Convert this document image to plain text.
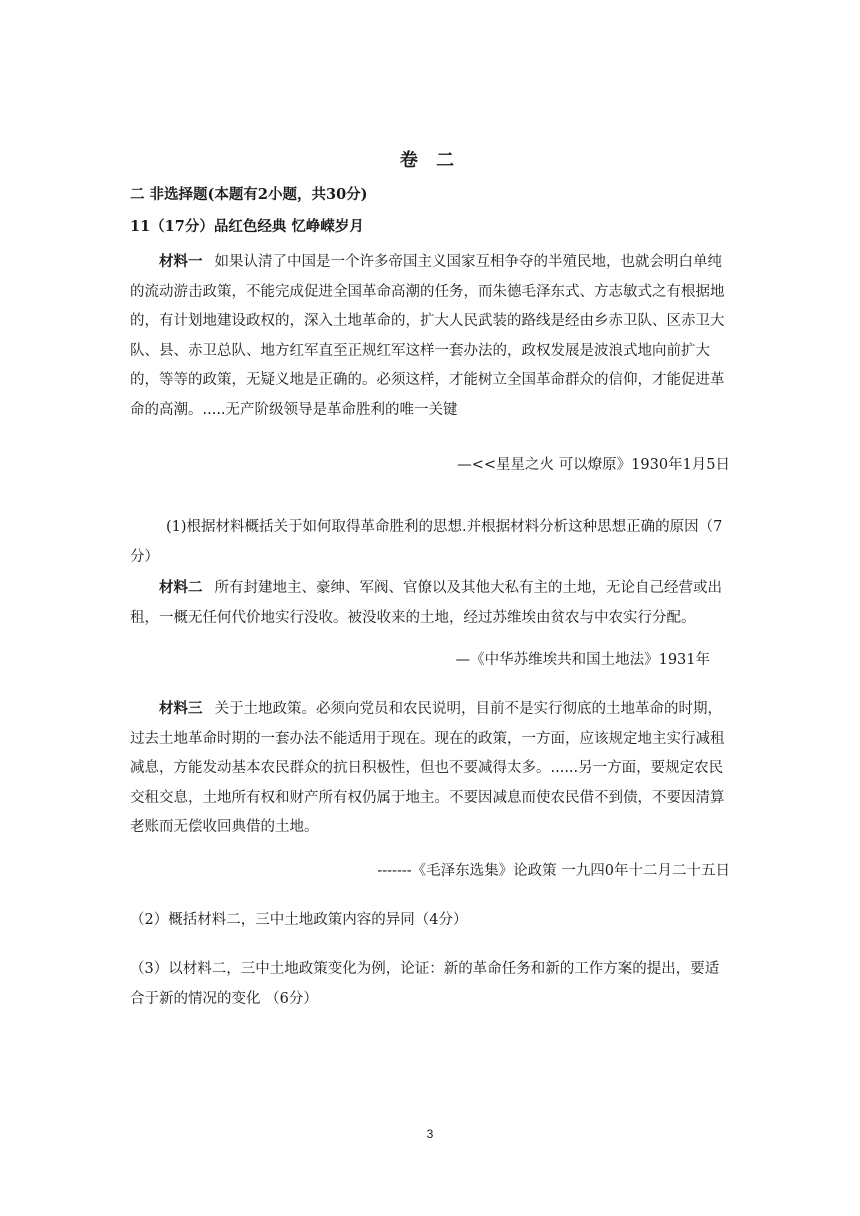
卷 二
二 非选择题(本题有2小题，共30分)
11（17分）品红色经典 忆峥嵘岁月
材料一 如果认清了中国是一个许多帝国主义国家互相争夺的半殖民地，也就会明白单纯的流动游击政策，不能完成促进全国革命高潮的任务，而朱德毛泽东式、方志敏式之有根据地的，有计划地建设政权的，深入土地革命的，扩大人民武装的路线是经由乡赤卫队、区赤卫大队、县、赤卫总队、地方红军直至正规红军这样一套办法的，政权发展是波浪式地向前扩大的，等等的政策，无疑义地是正确的。必须这样，才能树立全国革命群众的信仰，才能促进革命的高潮。.....无产阶级领导是革命胜利的唯一关键
—<<星星之火 可以燎原》1930年1月5日
(1)根据材料概括关于如何取得革命胜利的思想.并根据材料分析这种思想正确的原因（7分）
材料二 所有封建地主、豪绅、军阀、官僚以及其他大私有主的土地，无论自己经营或出租，一概无任何代价地实行没收。被没收来的土地，经过苏维埃由贫农与中农实行分配。
—《中华苏维埃共和国土地法》1931年
材料三 关于土地政策。必须向党员和农民说明，目前不是实行彻底的土地革命的时期，过去土地革命时期的一套办法不能适用于现在。现在的政策，一方面，应该规定地主实行减租减息，方能发动基本农民群众的抗日积极性，但也不要减得太多。......另一方面，要规定农民交租交息，土地所有权和财产所有权仍属于地主。不要因减息而使农民借不到债，不要因清算老账而无偿收回典借的土地。
-------《毛泽东选集》论政策 一九四0年十二月二十五日
（2）概括材料二，三中土地政策内容的异同（4分）
（3）以材料二，三中土地政策变化为例，论证：新的革命任务和新的工作方案的提出，要适合于新的情况的变化 （6分）
3
